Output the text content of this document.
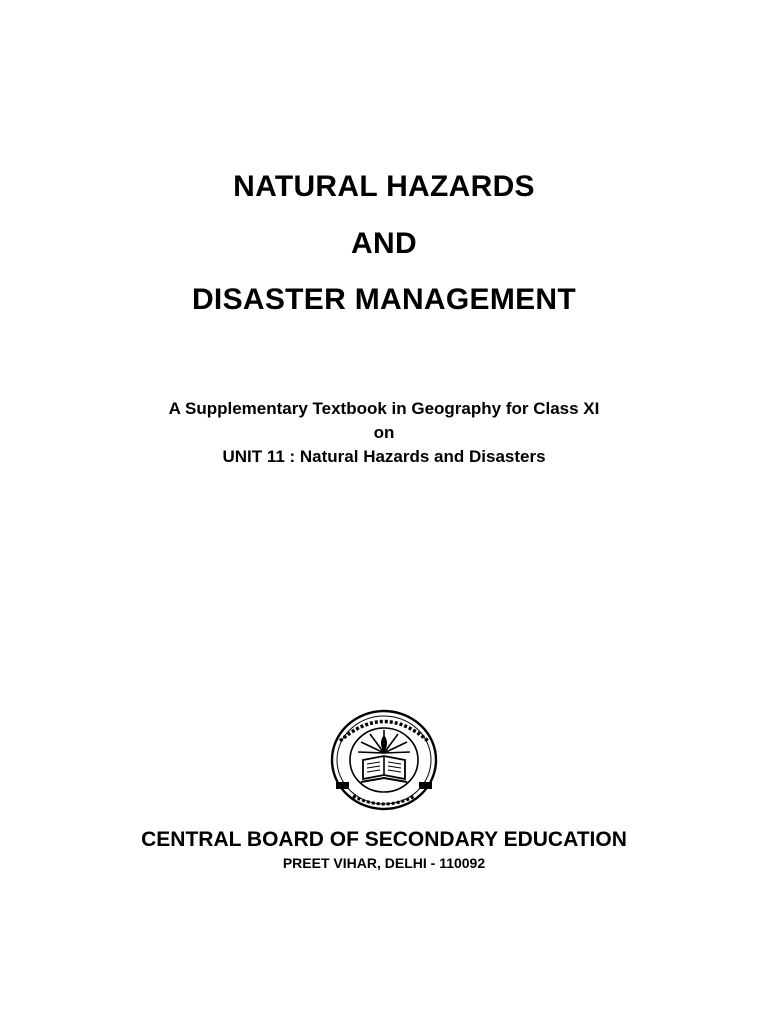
NATURAL HAZARDS
AND
DISASTER MANAGEMENT
A Supplementary Textbook in Geography for Class XI
on
UNIT 11 : Natural Hazards and Disasters
CENTRAL BOARD OF SECONDARY EDUCATION
PREET VIHAR, DELHI - 110092
